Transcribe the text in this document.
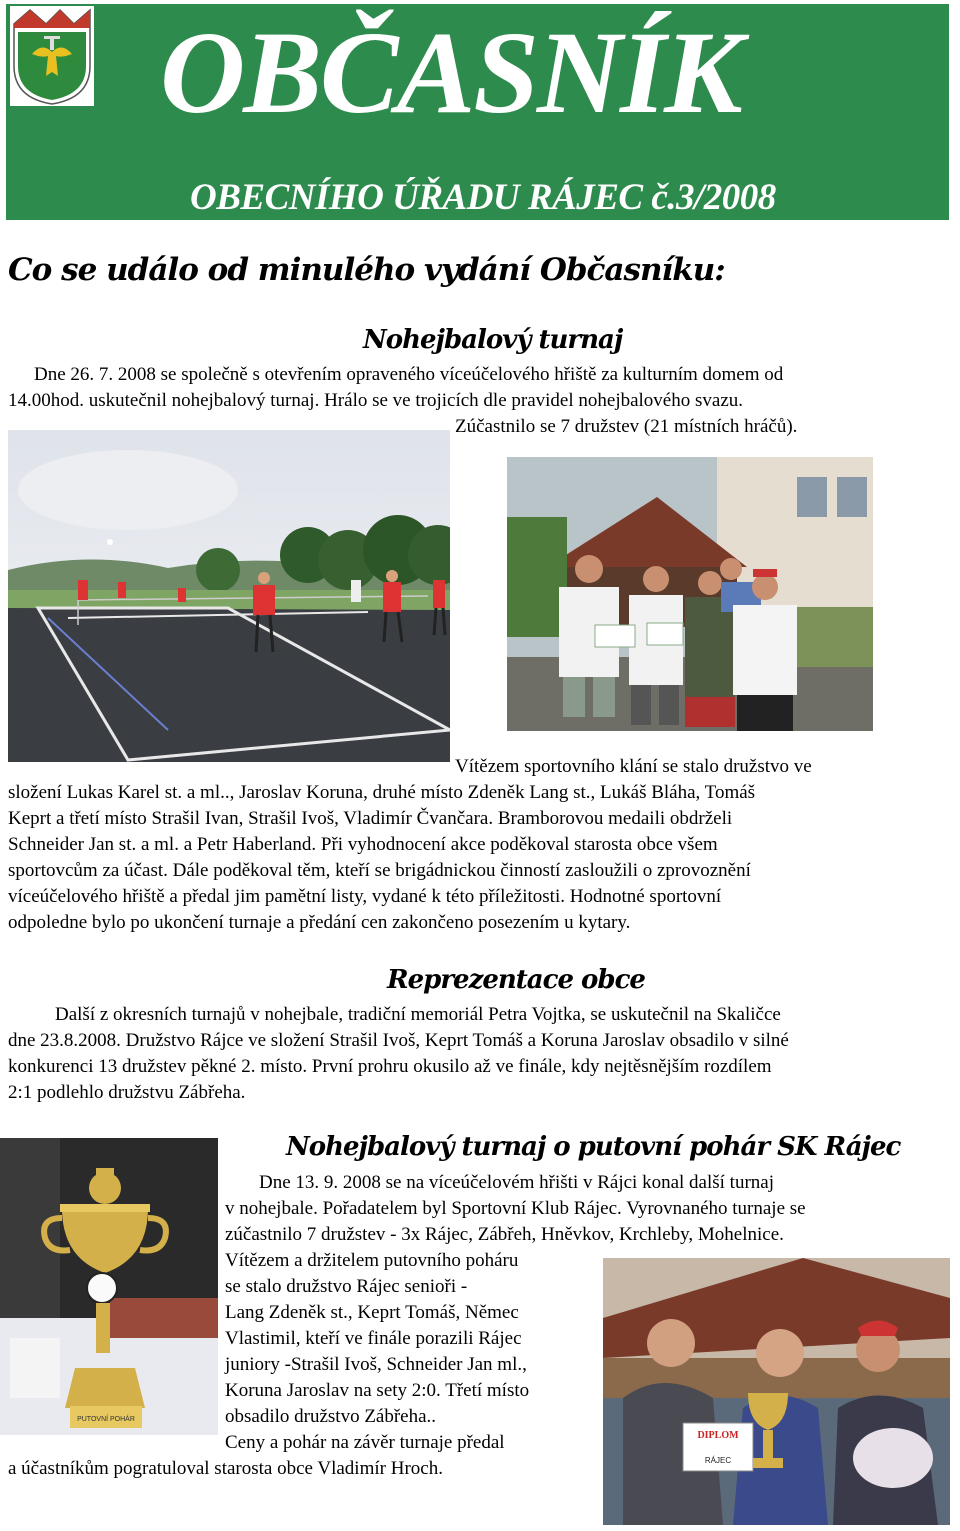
OBČASNÍK
OBECNÍHO ÚŘADU RÁJEC č.3/2008
Co se událo od minulého vydání Občasníku:
Nohejbalový turnaj
Dne 26. 7. 2008 se společně s otevřením opraveného víceúčelového hřiště za kulturním domem od
14.00hod. uskutečnil nohejbalový turnaj. Hrálo se ve trojicích dle pravidel nohejbalového svazu.
Zúčastnilo se 7 družstev (21 místních hráčů).
Vítězem sportovního klání se stalo družstvo ve
složení Lukas Karel st. a ml.., Jaroslav Koruna, druhé místo Zdeněk Lang st., Lukáš Bláha, Tomáš
Keprt a třetí místo Strašil Ivan, Strašil Ivoš, Vladimír Čvančara. Bramborovou medaili obdrželi
Schneider Jan st. a ml. a Petr Haberland. Při vyhodnocení akce poděkoval starosta obce všem
sportovcům za účast. Dále poděkoval těm, kteří se brigádnickou činností zasloužili o zprovoznění
víceúčelového hřiště a předal jim pamětní listy, vydané k této příležitosti. Hodnotné sportovní
odpoledne bylo po ukončení turnaje a předání cen zakončeno posezením u kytary.
Reprezentace obce
Další z okresních turnajů v nohejbale, tradiční memoriál Petra Vojtka, se uskutečnil na Skaličce
dne 23.8.2008. Družstvo Rájce ve složení Strašil Ivoš, Keprt Tomáš a Koruna Jaroslav obsadilo v silné
konkurenci 13 družstev pěkné 2. místo. První prohru okusilo až ve finále, kdy nejtěsnějším rozdílem
2:1 podlehlo družstvu Zábřeha.
PUTOVNÍ POHÁR
Nohejbalový turnaj o putovní pohár SK Rájec
Dne 13. 9. 2008 se na víceúčelovém hřišti v Rájci konal další turnaj
v nohejbale. Pořadatelem byl Sportovní Klub Rájec. Vyrovnaného turnaje se
zúčastnilo 7 družstev - 3x Rájec, Zábřeh, Hněvkov, Krchleby, Mohelnice.
Vítězem a držitelem putovního poháru
se stalo družstvo Rájec senioři -
Lang Zdeněk st., Keprt Tomáš, Němec
Vlastimil, kteří ve finále porazili Rájec
juniory -Strašil Ivoš, Schneider Jan ml.,
Koruna Jaroslav na sety 2:0. Třetí místo
obsadilo družstvo Zábřeha..
Ceny a pohár na závěr turnaje předal
a účastníkům pogratuloval starosta obce Vladimír Hroch.
DIPLOM
RÁJEC
